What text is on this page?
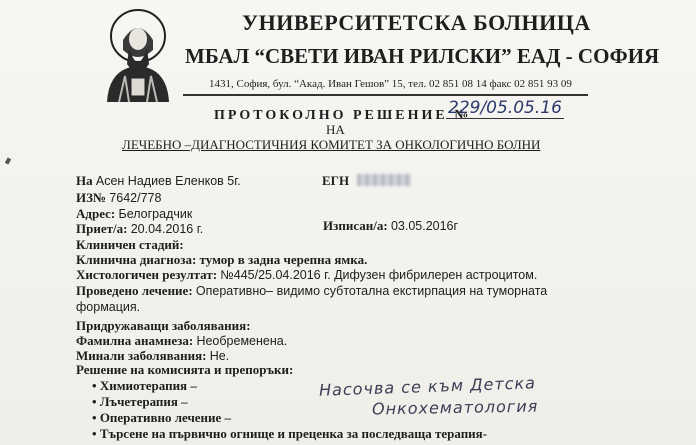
УНИВЕРСИТЕТСКА БОЛНИЦА
МБАЛ “СВЕТИ ИВАН РИЛСКИ” ЕАД - СОФИЯ
1431, София, бул. “Акад. Иван Гешов” 15, тел. 02 851 08 14 факс 02 851 93 09
ПРОТОКОЛНО РЕШЕНИЕ №
229/05.05.16
НА
ЛЕЧЕБНО –ДИАГНОСТИЧНИЯ КОМИТЕТ ЗА ОНКОЛОГИЧНО БОЛНИ
На Асен Надиев Еленков 5г.	ЕГН
ИЗ№ 7642/778
Адрес: Белоградчик
Приет/а: 20.04.2016 г.	Изписан/а: 03.05.2016г
Клиничен стадий:
Клинична диагноза: тумор в задна черепна ямка.
Хистологичен резултат: №445/25.04.2016 г. Дифузен фибрилерен астроцитом.
Проведено лечение: Оперативно– видимо субтотална екстирпация на туморната формация.
Придружаващи заболявания:
Фамилна анамнеза: Необременена.
Минали заболявания: Не.
Решение на комисията и препоръки:
• Химиотерапия –
• Лъчетерапия –
• Оперативно лечение –
• Търсене на първично огнище и преценка за последваща терапия-
Насочва се към Детска
Онкохематология
